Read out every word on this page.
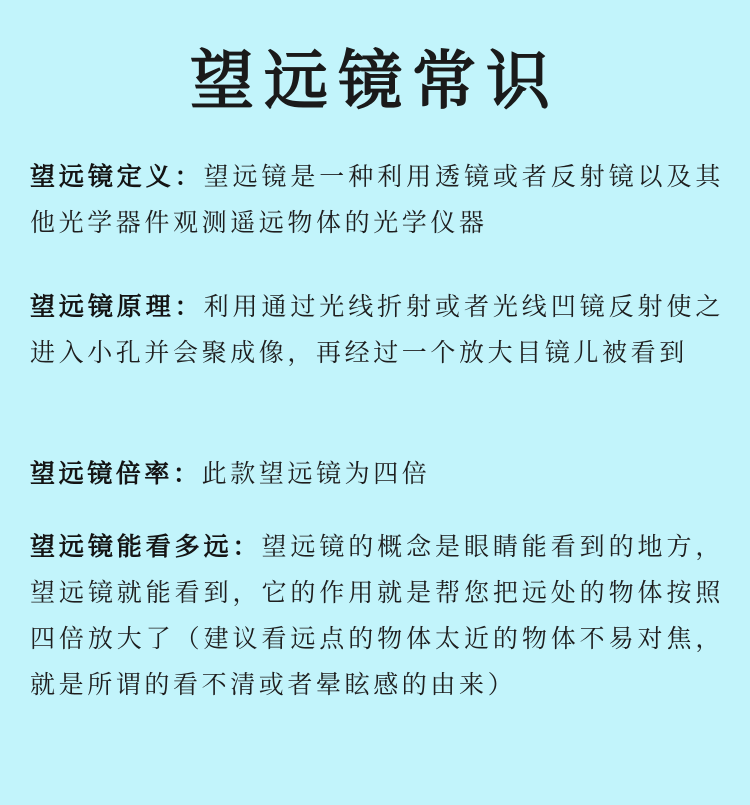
望远镜常识

望远镜定义：望远镜是一种利用透镜或者反射镜以及其他光学器件观测遥远物体的光学仪器

望远镜原理：利用通过光线折射或者光线凹镜反射使之进入小孔并会聚成像，再经过一个放大目镜儿被看到

望远镜倍率：此款望远镜为四倍

望远镜能看多远：望远镜的概念是眼睛能看到的地方，望远镜就能看到，它的作用就是帮您把远处的物体按照四倍放大了（建议看远点的物体太近的物体不易对焦，就是所谓的看不清或者晕眩感的由来）
